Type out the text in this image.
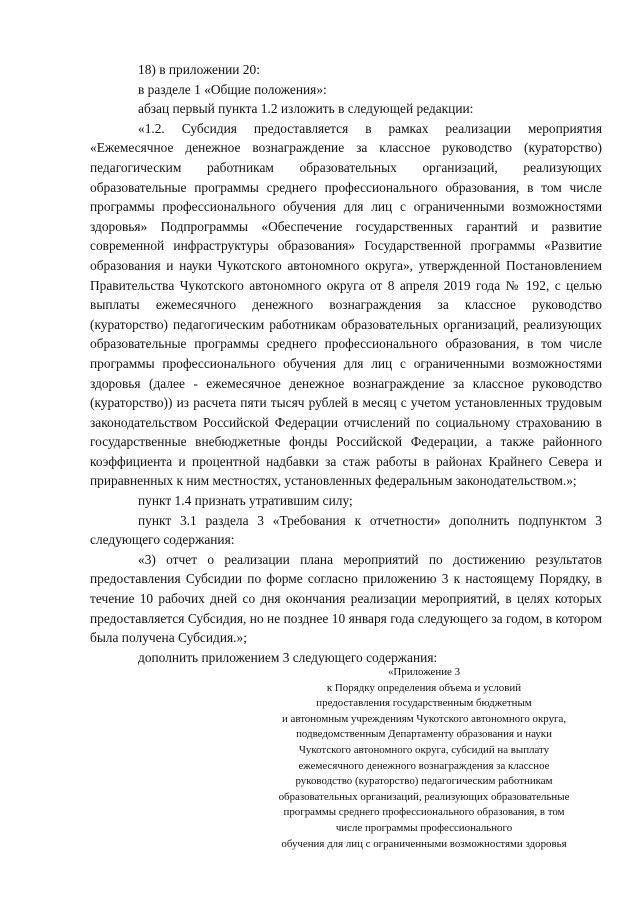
18) в приложении 20:

в разделе 1 «Общие положения»:

абзац первый пункта 1.2 изложить в следующей редакции:

«1.2. Субсидия предоставляется в рамках реализации мероприятия «Ежемесячное денежное вознаграждение за классное руководство (кураторство) педагогическим работникам образовательных организаций, реализующих образовательные программы среднего профессионального образования, в том числе программы профессионального обучения для лиц с ограниченными возможностями здоровья» Подпрограммы «Обеспечение государственных гарантий и развитие современной инфраструктуры образования» Государственной программы «Развитие образования и науки Чукотского автономного округа», утвержденной Постановлением Правительства Чукотского автономного округа от 8 апреля 2019 года № 192, с целью выплаты ежемесячного денежного вознаграждения за классное руководство (кураторство) педагогическим работникам образовательных организаций, реализующих образовательные программы среднего профессионального образования, в том числе программы профессионального обучения для лиц с ограниченными возможностями здоровья (далее - ежемесячное денежное вознаграждение за классное руководство (кураторство)) из расчета пяти тысяч рублей в месяц с учетом установленных трудовым законодательством Российской Федерации отчислений по социальному страхованию в государственные внебюджетные фонды Российской Федерации, а также районного коэффициента и процентной надбавки за стаж работы в районах Крайнего Севера и приравненных к ним местностях, установленных федеральным законодательством.»;

пункт 1.4 признать утратившим силу;

пункт 3.1 раздела 3 «Требования к отчетности» дополнить подпунктом 3 следующего содержания:

«3) отчет о реализации плана мероприятий по достижению результатов предоставления Субсидии по форме согласно приложению 3 к настоящему Порядку, в течение 10 рабочих дней со дня окончания реализации мероприятий, в целях которых предоставляется Субсидия, но не позднее 10 января года следующего за годом, в котором была получена Субсидия.»;

дополнить приложением 3 следующего содержания:

«Приложение 3

к Порядку определения объема и условий

предоставления государственным бюджетным

и автономным учреждениям Чукотского автономного округа,

подведомственным Департаменту образования и науки

Чукотского автономного округа, субсидий на выплату

ежемесячного денежного вознаграждения за классное

руководство (кураторство) педагогическим работникам

образовательных организаций, реализующих образовательные

программы среднего профессионального образования, в том

числе программы профессионального

обучения для лиц с ограниченными возможностями здоровья
